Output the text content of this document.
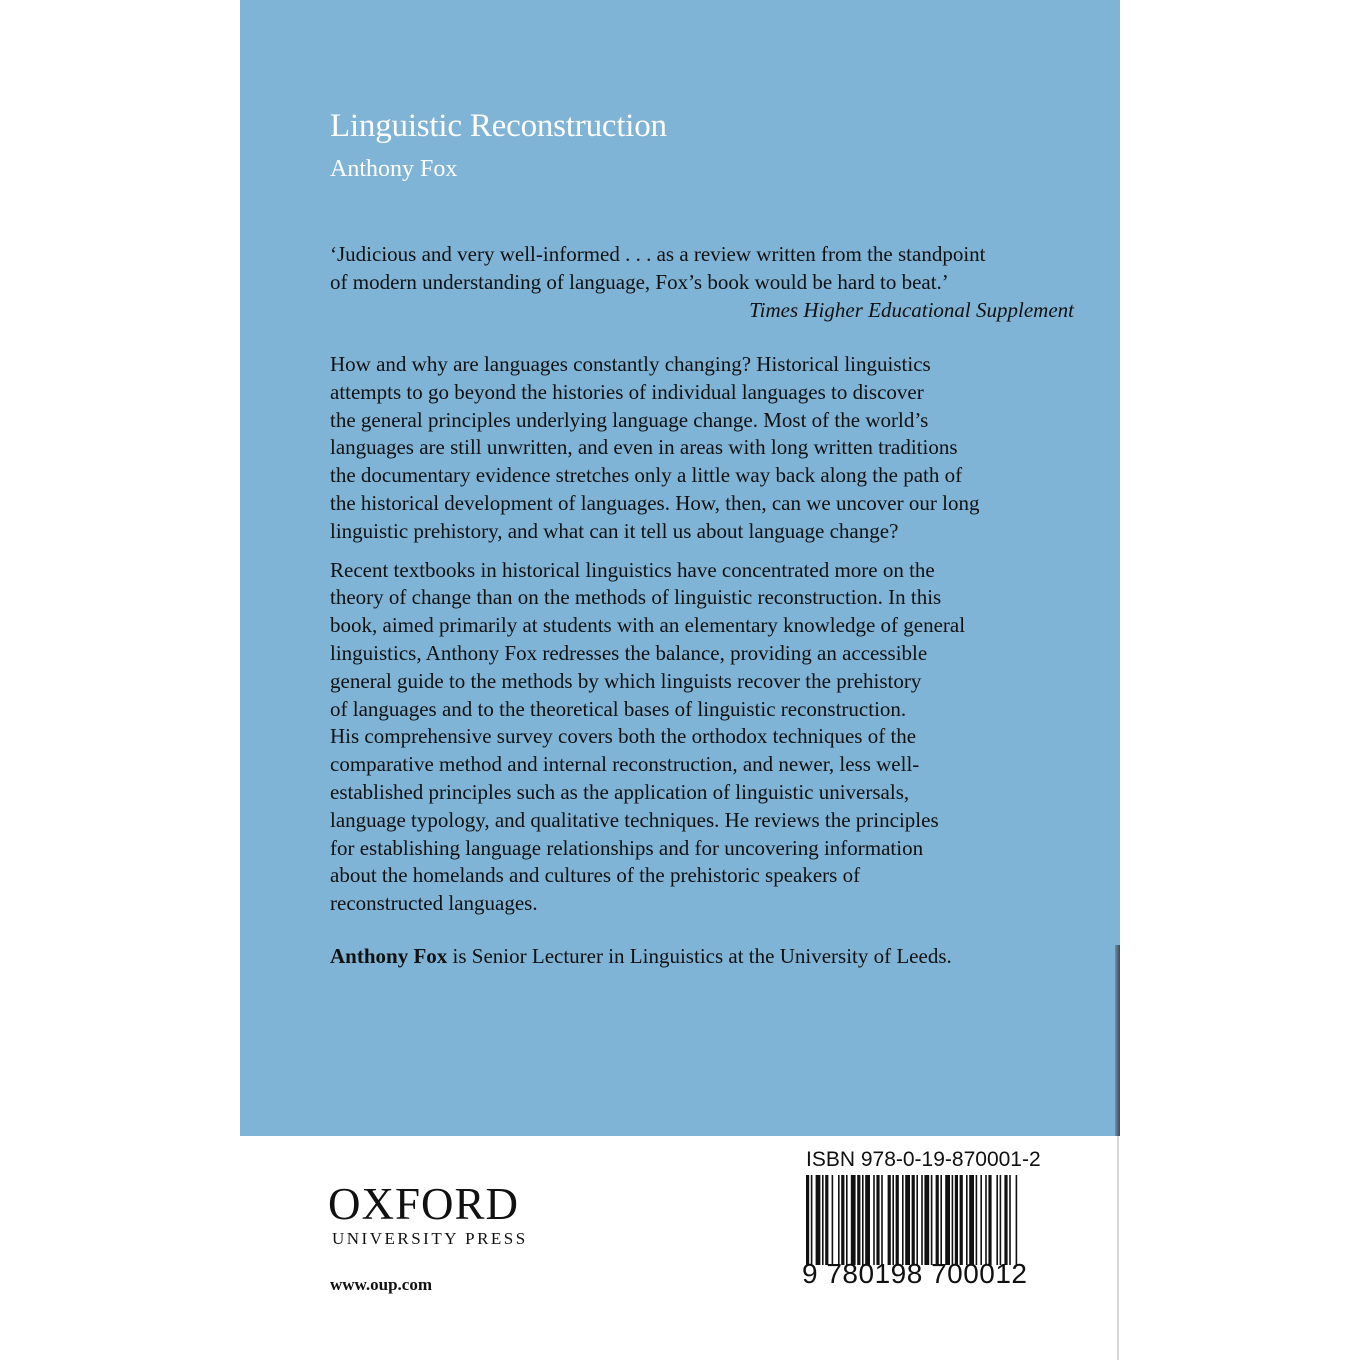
Linguistic Reconstruction
Anthony Fox
‘Judicious and very well-informed . . . as a review written from the standpoint
of modern understanding of language, Fox’s book would be hard to beat.’
Times Higher Educational Supplement
How and why are languages constantly changing? Historical linguistics
attempts to go beyond the histories of individual languages to discover
the general principles underlying language change. Most of the world’s
languages are still unwritten, and even in areas with long written traditions
the documentary evidence stretches only a little way back along the path of
the historical development of languages. How, then, can we uncover our long
linguistic prehistory, and what can it tell us about language change?
Recent textbooks in historical linguistics have concentrated more on the
theory of change than on the methods of linguistic reconstruction. In this
book, aimed primarily at students with an elementary knowledge of general
linguistics, Anthony Fox redresses the balance, providing an accessible
general guide to the methods by which linguists recover the prehistory
of languages and to the theoretical bases of linguistic reconstruction.
His comprehensive survey covers both the orthodox techniques of the
comparative method and internal reconstruction, and newer, less well-
established principles such as the application of linguistic universals,
language typology, and qualitative techniques. He reviews the principles
for establishing language relationships and for uncovering information
about the homelands and cultures of the prehistoric speakers of
reconstructed languages.
Anthony Fox is Senior Lecturer in Linguistics at the University of Leeds.
OXFORD
UNIVERSITY PRESS
www.oup.com
ISBN 978-0-19-870001-2
9 780198 700012
